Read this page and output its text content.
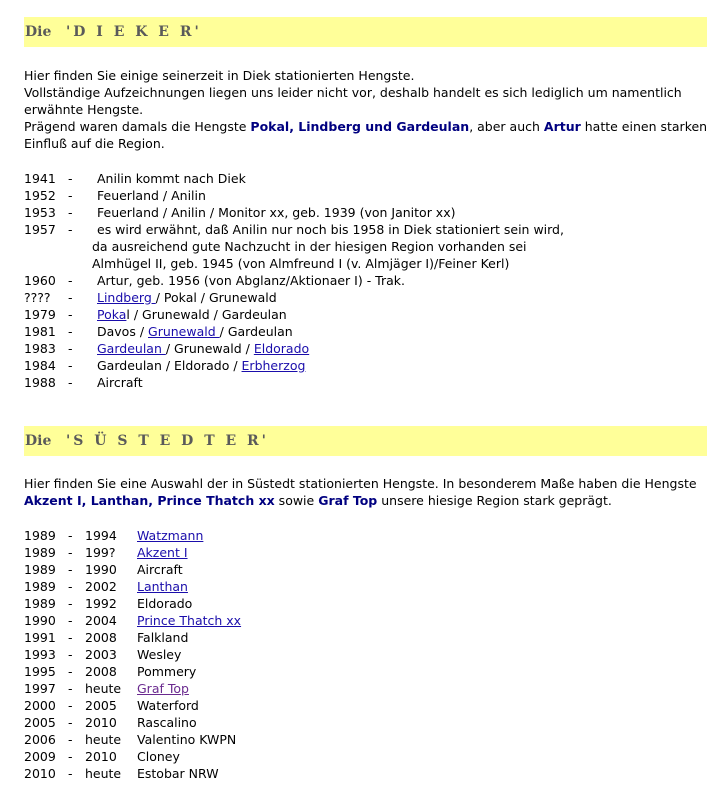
Die 'D I E K E R'

Hier finden Sie einige seinerzeit in Diek stationierten Hengste.
Vollständige Aufzeichnungen liegen uns leider nicht vor, deshalb handelt es sich lediglich um namentlich erwähnte Hengste.
Prägend waren damals die Hengste Pokal, Lindberg und Gardeulan, aber auch Artur hatte einen starken Einfluß auf die Region.

1941 - Anilin kommt nach Diek
1952 - Feuerland / Anilin
1953 - Feuerland / Anilin / Monitor xx, geb. 1939 (von Janitor xx)
1957 - es wird erwähnt, daß Anilin nur noch bis 1958 in Diek stationiert sein wird,
da ausreichend gute Nachzucht in der hiesigen Region vorhanden sei
Almhügel II, geb. 1945 (von Almfreund I (v. Almjäger I)/Feiner Kerl)
1960 - Artur, geb. 1956 (von Abglanz/Aktionaer I) - Trak.
???? - Lindberg / Pokal / Grunewald
1979 - Pokal / Grunewald / Gardeulan
1981 - Davos / Grunewald / Gardeulan
1983 - Gardeulan / Grunewald / Eldorado
1984 - Gardeulan / Eldorado / Erbherzog
1988 - Aircraft
Die 'S Ü S T E D T E R'

Hier finden Sie eine Auswahl der in Süstedt stationierten Hengste. In besonderem Maße haben die Hengste Akzent I, Lanthan, Prince Thatch xx sowie Graf Top unsere hiesige Region stark geprägt.

1989 - 1994 Watzmann
1989 - 199? Akzent I
1989 - 1990 Aircraft
1989 - 2002 Lanthan
1989 - 1992 Eldorado
1990 - 2004 Prince Thatch xx
1991 - 2008 Falkland
1993 - 2003 Wesley
1995 - 2008 Pommery
1997 - heute Graf Top
2000 - 2005 Waterford
2005 - 2010 Rascalino
2006 - heute Valentino KWPN
2009 - 2010 Cloney
2010 - heute Estobar NRW
